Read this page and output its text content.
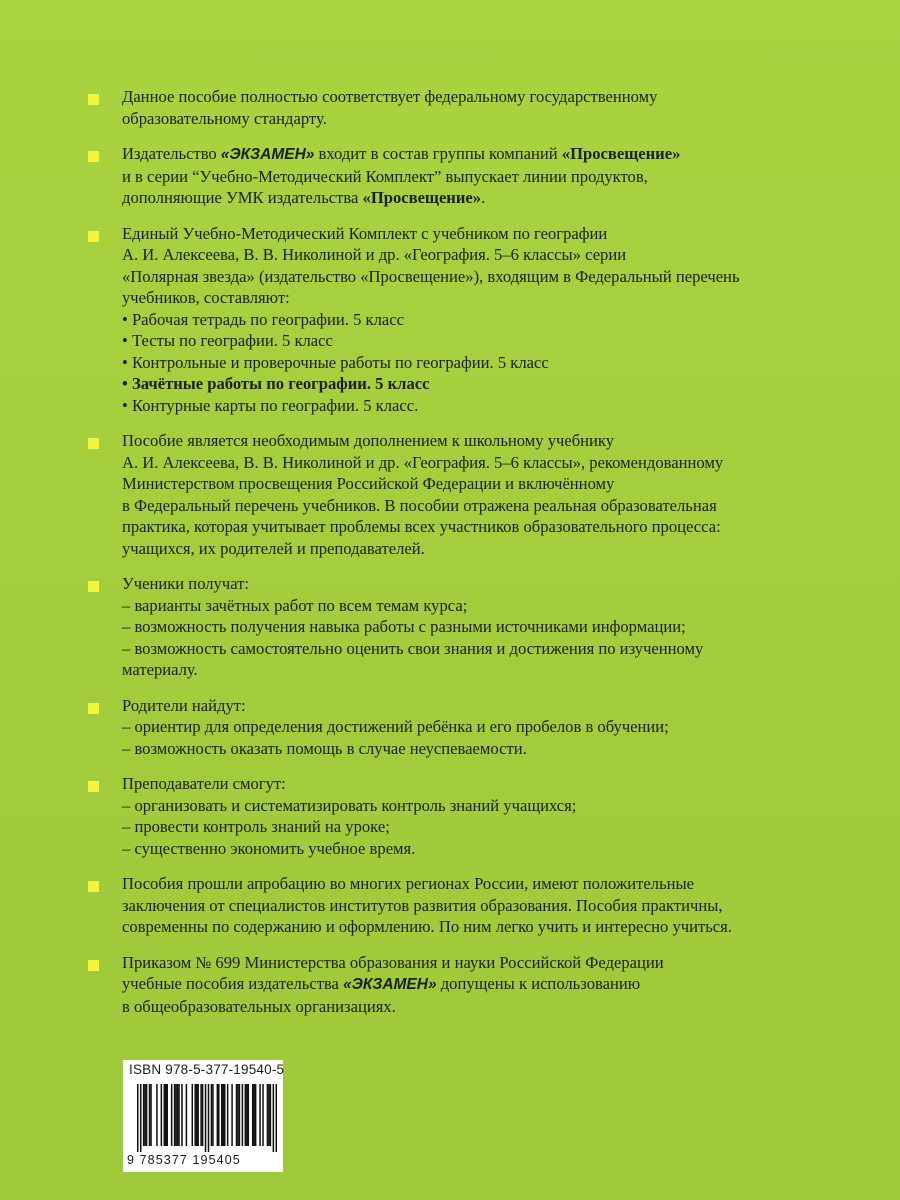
Данное пособие полностью соответствует федеральному государственному
образовательному стандарту.
Издательство «ЭКЗАМЕН» входит в состав группы компаний «Просвещение»
и в серии “Учебно-Методический Комплект” выпускает линии продуктов,
дополняющие УМК издательства «Просвещение».
Единый Учебно-Методический Комплект с учебником по географии
А. И. Алексеева, В. В. Николиной и др. «География. 5–6 классы» серии
«Полярная звезда» (издательство «Просвещение»), входящим в Федеральный перечень
учебников, составляют:
• Рабочая тетрадь по географии. 5 класс
• Тесты по географии. 5 класс
• Контрольные и проверочные работы по географии. 5 класс
• Зачётные работы по географии. 5 класс
• Контурные карты по географии. 5 класс.
Пособие является необходимым дополнением к школьному учебнику
А. И. Алексеева, В. В. Николиной и др. «География. 5–6 классы», рекомендованному
Министерством просвещения Российской Федерации и включённому
в Федеральный перечень учебников. В пособии отражена реальная образовательная
практика, которая учитывает проблемы всех участников образовательного процесса:
учащихся, их родителей и преподавателей.
Ученики получат:
– варианты зачётных работ по всем темам курса;
– возможность получения навыка работы с разными источниками информации;
– возможность самостоятельно оценить свои знания и достижения по изученному
материалу.
Родители найдут:
– ориентир для определения достижений ребёнка и его пробелов в обучении;
– возможность оказать помощь в случае неуспеваемости.
Преподаватели смогут:
– организовать и систематизировать контроль знаний учащихся;
– провести контроль знаний на уроке;
– существенно экономить учебное время.
Пособия прошли апробацию во многих регионах России, имеют положительные
заключения от специалистов институтов развития образования. Пособия практичны,
современны по содержанию и оформлению. По ним легко учить и интересно учиться.
Приказом № 699 Министерства образования и науки Российской Федерации
учебные пособия издательства «ЭКЗАМЕН» допущены к использованию
в общеобразовательных организациях.
ISBN 978-5-377-19540-5
9 785377 195405
